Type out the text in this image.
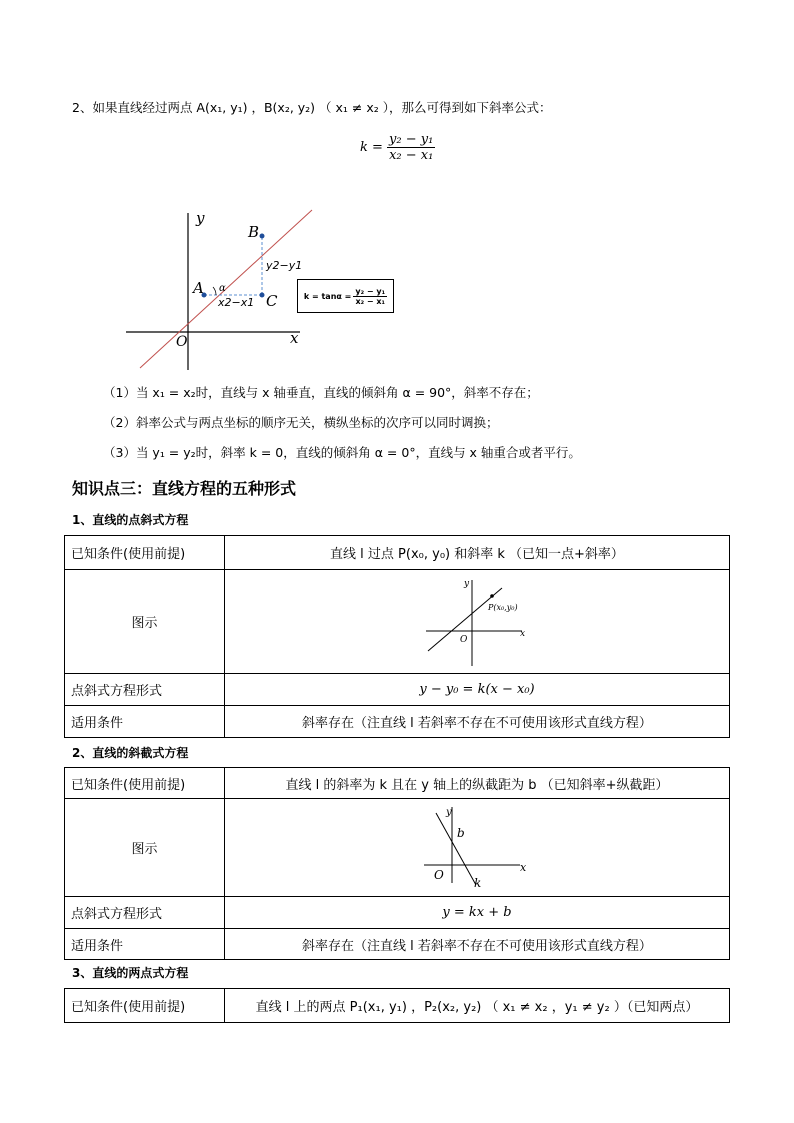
2、如果直线经过两点 A(x₁, y₁) ，B(x₂, y₂) （ x₁ ≠ x₂ ），那么可得到如下斜率公式：
$k = \frac{\text{y₂ − y₁}}{\text{x₂ − x₁}}$
y
x
O
A
B
C
α
y2−y1
x2−x1	$k = \tan\alpha = \frac{\text{y₂ − y₁}}{\text{x₂ − x₁}}$
（1）当 x₁ = x₂时，直线与 x 轴垂直，直线的倾斜角 α = 90°，斜率不存在；
（2）斜率公式与两点坐标的顺序无关，横纵坐标的次序可以同时调换；
（3）当 y₁ = y₂时，斜率 k = 0，直线的倾斜角 α = 0°，直线与 x 轴重合或者平行。
知识点三：直线方程的五种形式
1、直线的点斜式方程
已知条件(使用前提)	直线 l 过点 P(x₀, y₀) 和斜率 k （已知一点+斜率）
图示	y
x
O
P(x₀,y₀)

点斜式方程形式	y − y₀ = k(x − x₀)
适用条件	斜率存在（注直线 l 若斜率不存在不可使用该形式直线方程）
2、直线的斜截式方程
已知条件(使用前提)	直线 l 的斜率为 k 且在 y 轴上的纵截距为 b （已知斜率+纵截距）
图示	y
x
O
b
k

点斜式方程形式	y = kx + b
适用条件	斜率存在（注直线 l 若斜率不存在不可使用该形式直线方程）
3、直线的两点式方程
已知条件(使用前提)	直线 l 上的两点 P₁(x₁, y₁) ，P₂(x₂, y₂) （ x₁ ≠ x₂ ，y₁ ≠ y₂ ）（已知两点）
